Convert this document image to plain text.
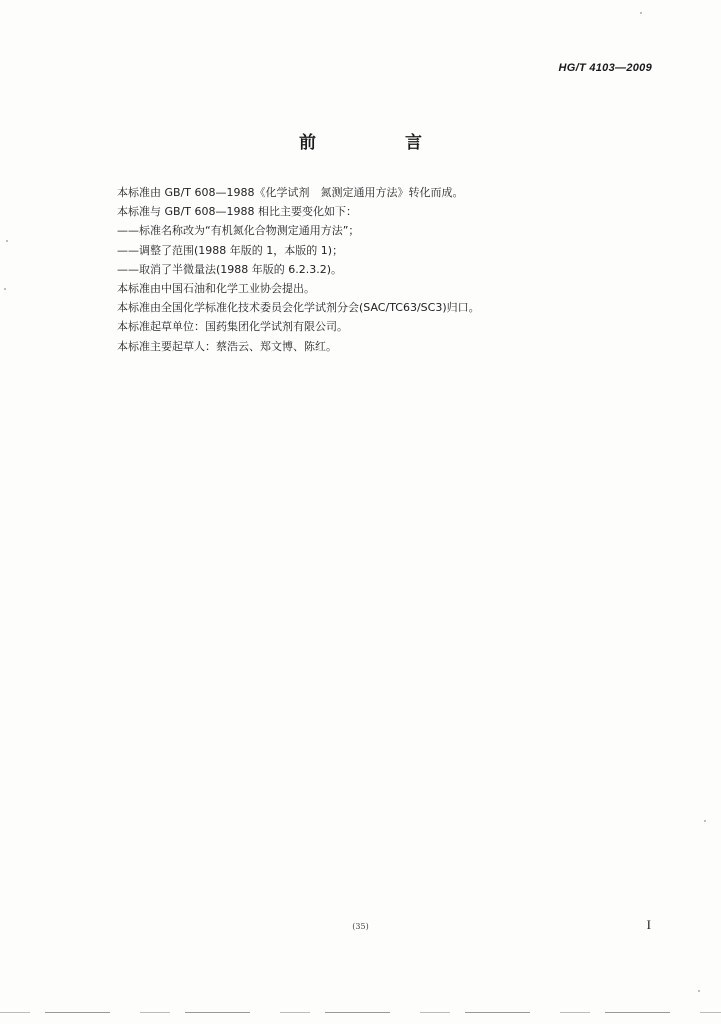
HG/T 4103—2009
前　言
本标准由 GB/T 608—1988《化学试剂　氮测定通用方法》转化而成。
本标准与 GB/T 608—1988 相比主要变化如下：
——标准名称改为“有机氮化合物测定通用方法”；
——调整了范围(1988 年版的 1，本版的 1)；
——取消了半微量法(1988 年版的 6.2.3.2)。
本标准由中国石油和化学工业协会提出。
本标准由全国化学标准化技术委员会化学试剂分会(SAC/TC63/SC3)归口。
本标准起草单位：国药集团化学试剂有限公司。
本标准主要起草人：蔡浩云、郑文博、陈红。
(35)	I
